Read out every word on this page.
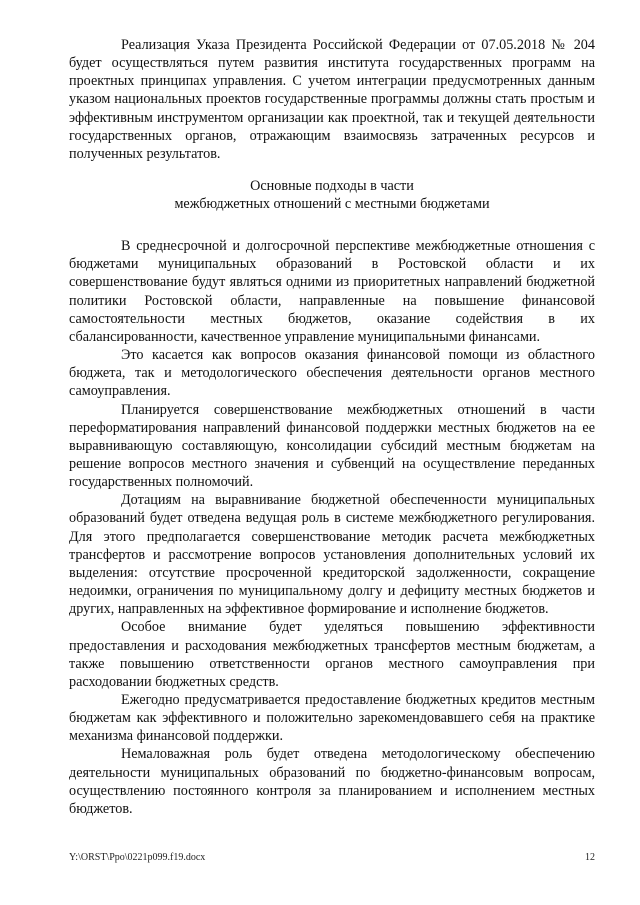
Реализация Указа Президента Российской Федерации от 07.05.2018 № 204 будет осуществляться путем развития института государственных программ на проектных принципах управления. С учетом интеграции предусмотренных данным указом национальных проектов государственные программы должны стать простым и эффективным инструментом организации как проектной, так и текущей деятельности государственных органов, отражающим взаимосвязь затраченных ресурсов и полученных результатов.

Основные подходы в части
межбюджетных отношений с местными бюджетами

В среднесрочной и долгосрочной перспективе межбюджетные отношения с бюджетами муниципальных образований в Ростовской области и их совершенствование будут являться одними из приоритетных направлений бюджетной политики Ростовской области, направленные на повышение финансовой самостоятельности местных бюджетов, оказание содействия в их сбалансированности, качественное управление муниципальными финансами.

Это касается как вопросов оказания финансовой помощи из областного бюджета, так и методологического обеспечения деятельности органов местного самоуправления.

Планируется совершенствование межбюджетных отношений в части переформатирования направлений финансовой поддержки местных бюджетов на ее выравнивающую составляющую, консолидации субсидий местным бюджетам на решение вопросов местного значения и субвенций на осуществление переданных государственных полномочий.

Дотациям на выравнивание бюджетной обеспеченности муниципальных образований будет отведена ведущая роль в системе межбюджетного регулирования. Для этого предполагается совершенствование методик расчета межбюджетных трансфертов и рассмотрение вопросов установления дополнительных условий их выделения: отсутствие просроченной кредиторской задолженности, сокращение недоимки, ограничения по муниципальному долгу и дефициту местных бюджетов и других, направленных на эффективное формирование и исполнение бюджетов.

Особое внимание будет уделяться повышению эффективности предоставления и расходования межбюджетных трансфертов местным бюджетам, а также повышению ответственности органов местного самоуправления при расходовании бюджетных средств.

Ежегодно предусматривается предоставление бюджетных кредитов местным бюджетам как эффективного и положительно зарекомендовавшего себя на практике механизма финансовой поддержки.

Немаловажная роль будет отведена методологическому обеспечению деятельности муниципальных образований по бюджетно-финансовым вопросам, осуществлению постоянного контроля за планированием и исполнением местных бюджетов.

Y:\ORST\Ppo\0221p099.f19.docx	12
